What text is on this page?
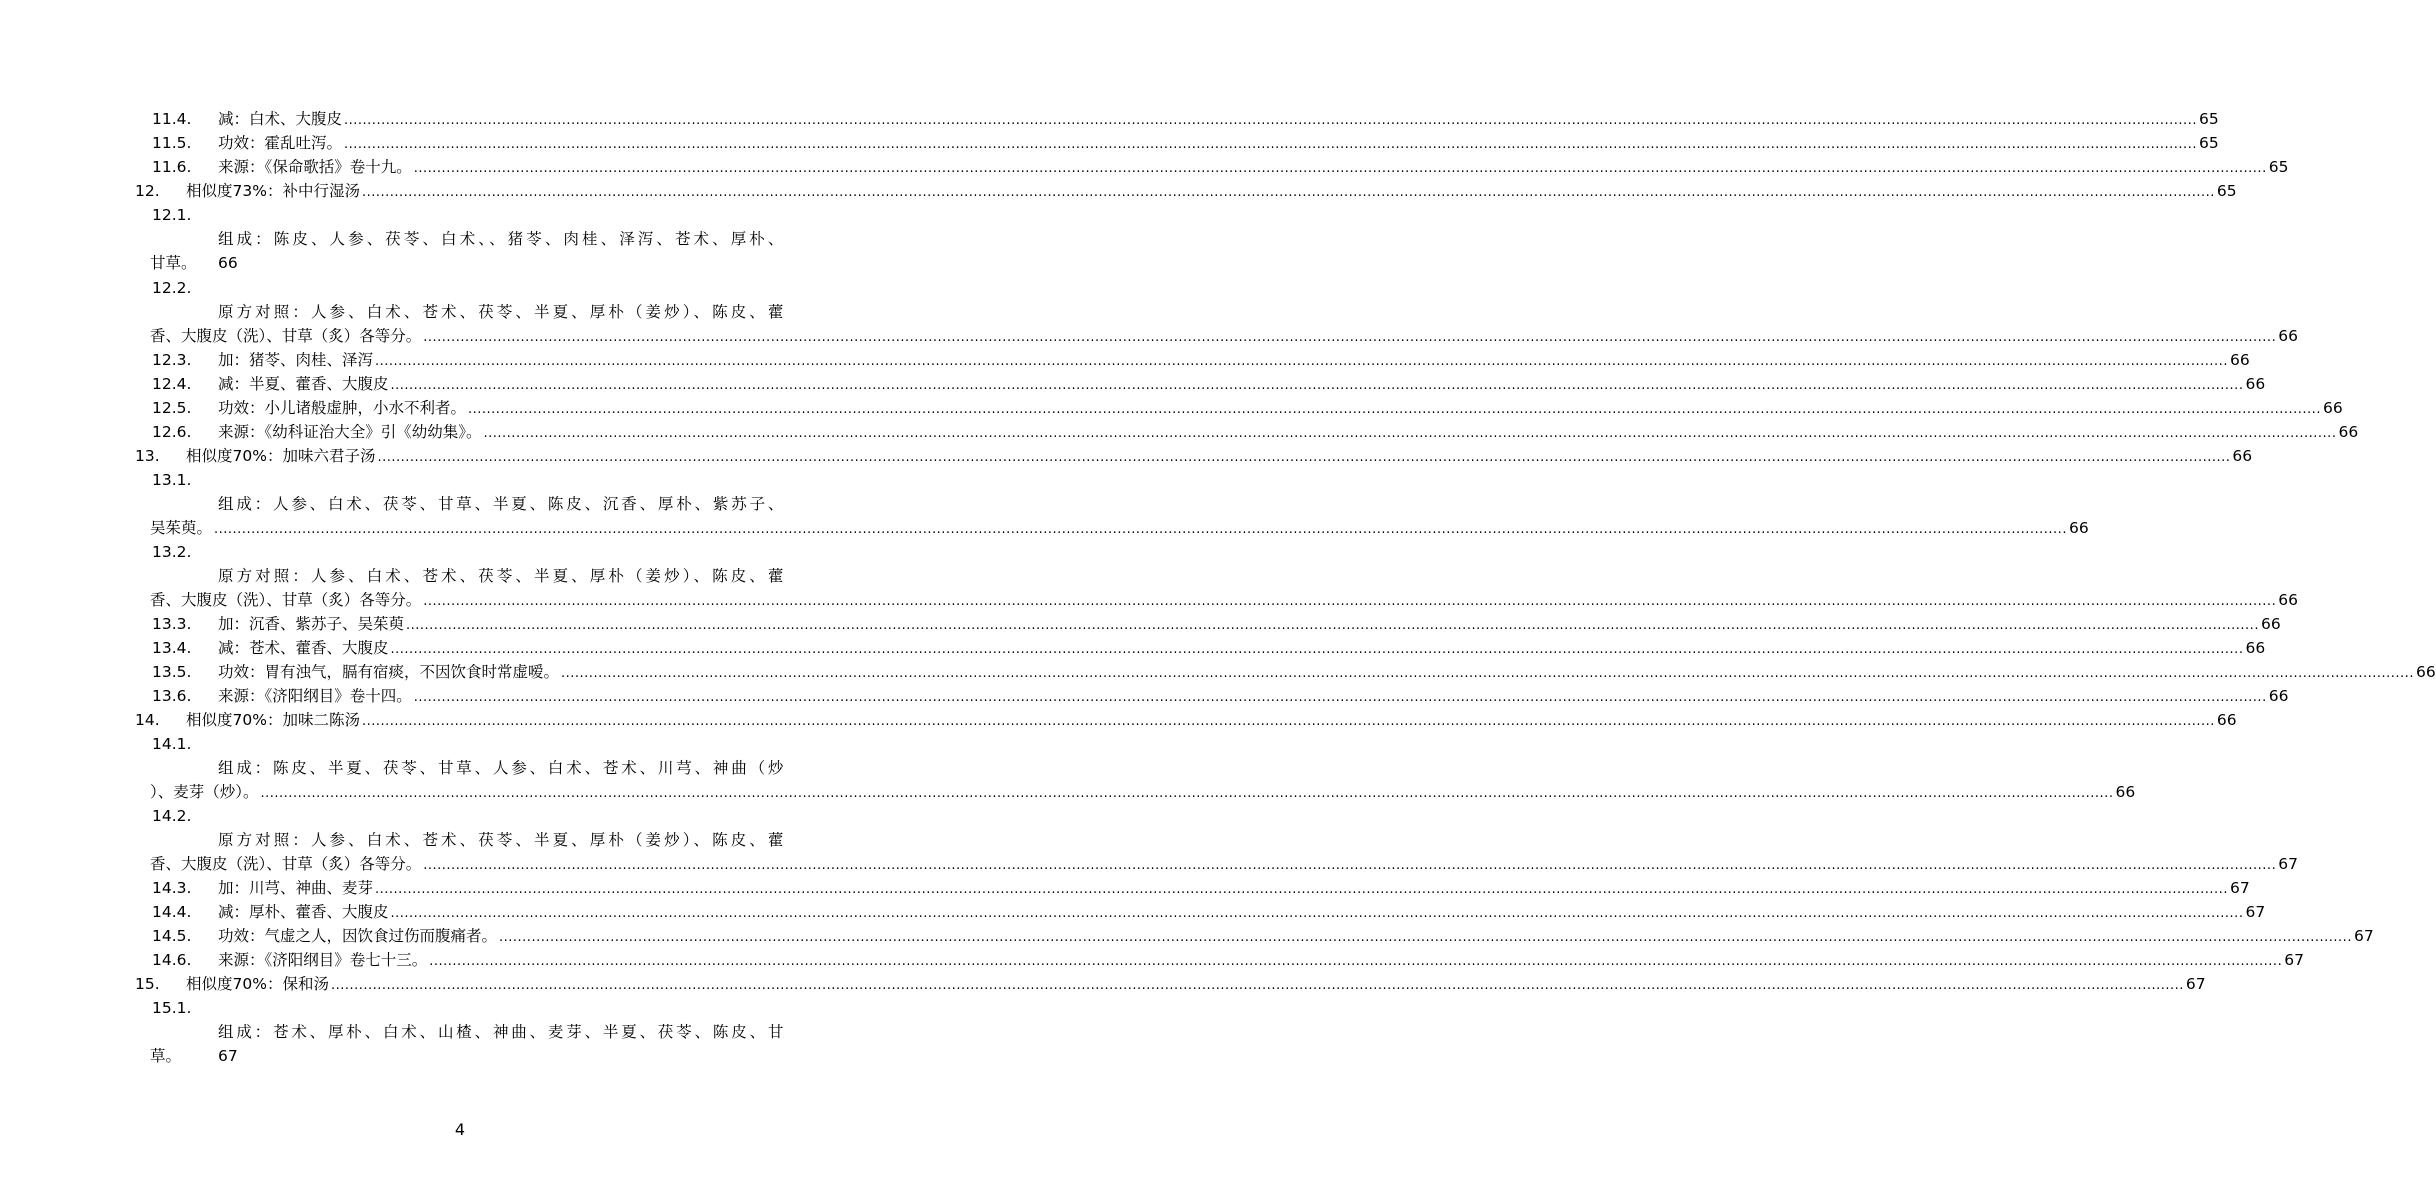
11.4. 减：白术、大腹皮 ................................................................................................................................................................................................................................................................................................................................................................................................................ 65
11.5. 功效：霍乱吐泻。 ................................................................................................................................................................................................................................................................................................................................................................................................................ 65
11.6. 来源：《保命歌括》卷十九。 ................................................................................................................................................................................................................................................................................................................................................................................................................ 65
12. 相似度73%：补中行湿汤 ................................................................................................................................................................................................................................................................................................................................................................................................................ 65
12.1.
组成：陈皮、人参、茯苓、白术、、猪苓、肉桂、泽泻、苍术、厚朴、
甘草。 66
12.2.
原方对照：人参、白术、苍术、茯苓、半夏、厚朴（姜炒）、陈皮、藿
香、大腹皮（洗）、甘草（炙）各等分。 ................................................................................................................................................................................................................................................................................................................................................................................................................ 66
12.3. 加：猪苓、肉桂、泽泻 ................................................................................................................................................................................................................................................................................................................................................................................................................ 66
12.4. 减：半夏、藿香、大腹皮 ................................................................................................................................................................................................................................................................................................................................................................................................................ 66
12.5. 功效：小儿诸般虚肿，小水不利者。 ................................................................................................................................................................................................................................................................................................................................................................................................................ 66
12.6. 来源：《幼科证治大全》引《幼幼集》。 ................................................................................................................................................................................................................................................................................................................................................................................................................ 66
13. 相似度70%：加味六君子汤 ................................................................................................................................................................................................................................................................................................................................................................................................................ 66
13.1.
组成：人参、白术、茯苓、甘草、半夏、陈皮、沉香、厚朴、紫苏子、
吴茱萸。 ................................................................................................................................................................................................................................................................................................................................................................................................................ 66
13.2.
原方对照：人参、白术、苍术、茯苓、半夏、厚朴（姜炒）、陈皮、藿
香、大腹皮（洗）、甘草（炙）各等分。 ................................................................................................................................................................................................................................................................................................................................................................................................................ 66
13.3. 加：沉香、紫苏子、吴茱萸 ................................................................................................................................................................................................................................................................................................................................................................................................................ 66
13.4. 减：苍术、藿香、大腹皮 ................................................................................................................................................................................................................................................................................................................................................................................................................ 66
13.5. 功效：胃有浊气，膈有宿痰，不因饮食时常虚嗳。 ................................................................................................................................................................................................................................................................................................................................................................................................................ 66
13.6. 来源：《济阳纲目》卷十四。 ................................................................................................................................................................................................................................................................................................................................................................................................................ 66
14. 相似度70%：加味二陈汤 ................................................................................................................................................................................................................................................................................................................................................................................................................ 66
14.1.
组成：陈皮、半夏、茯苓、甘草、人参、白术、苍术、川芎、神曲（炒
）、麦芽（炒）。 ................................................................................................................................................................................................................................................................................................................................................................................................................ 66
14.2.
原方对照：人参、白术、苍术、茯苓、半夏、厚朴（姜炒）、陈皮、藿
香、大腹皮（洗）、甘草（炙）各等分。 ................................................................................................................................................................................................................................................................................................................................................................................................................ 67
14.3. 加：川芎、神曲、麦芽 ................................................................................................................................................................................................................................................................................................................................................................................................................ 67
14.4. 减：厚朴、藿香、大腹皮 ................................................................................................................................................................................................................................................................................................................................................................................................................ 67
14.5. 功效：气虚之人，因饮食过伤而腹痛者。 ................................................................................................................................................................................................................................................................................................................................................................................................................ 67
14.6. 来源：《济阳纲目》卷七十三。 ................................................................................................................................................................................................................................................................................................................................................................................................................ 67
15. 相似度70%：保和汤 ................................................................................................................................................................................................................................................................................................................................................................................................................ 67
15.1.
组成：苍术、厚朴、白术、山楂、神曲、麦芽、半夏、茯苓、陈皮、甘
草。 67
4
